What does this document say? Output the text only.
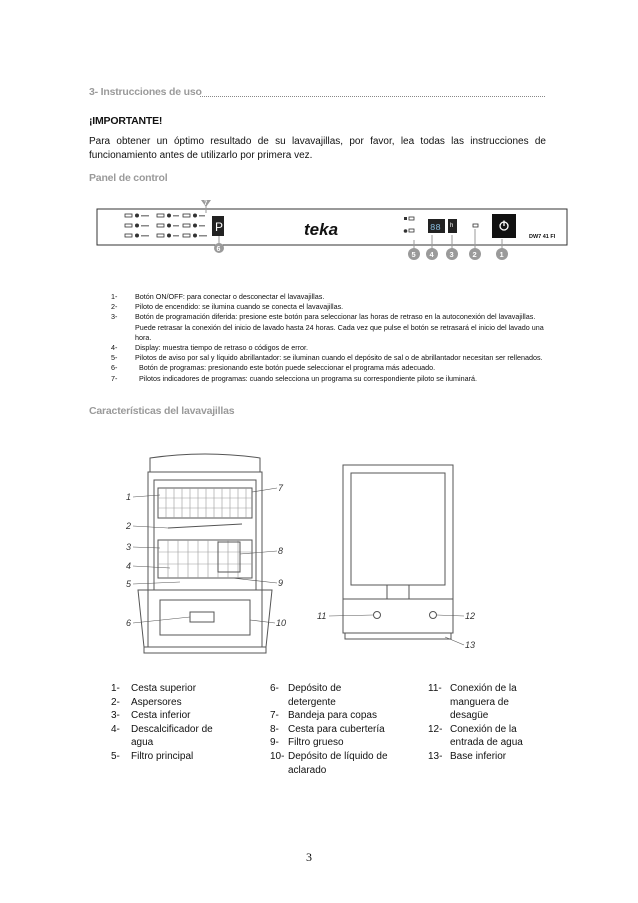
3- Instrucciones de uso
¡IMPORTANTE!
Para obtener un óptimo resultado de su lavavajillas, por favor, lea todas las instrucciones de funcionamiento antes de utilizarlo por primera vez.
Panel de control
P
6
teka	88 h
DW7 41 FI
5 4 3	2	1
7
1-	Botón ON/OFF: para conectar o desconectar el lavavajillas.
2-	Piloto de encendido: se ilumina cuando se conecta el lavavajillas.
3-	Botón de programación diferida: presione este botón para seleccionar las horas de retraso en la autoconexión del lavavajillas. Puede retrasar la conexión del inicio de lavado hasta 24 horas. Cada vez que pulse el botón se retrasará el inicio del lavado una hora.
4-	Display: muestra tiempo de retraso o códigos de error.
5-	Pilotos de aviso por sal y líquido abrillantador: se iluminan cuando el depósito de sal o de abrillantador necesitan ser rellenados.
6-	Botón de programas: presionando este botón puede seleccionar el programa más adecuado.
7-	Pilotos indicadores de programas: cuando selecciona un programa su correspondiente piloto se iluminará.
Características del lavavajillas
1
2
3
4
5
6
7
8
9
10
11	12
13
1-	Cesta superior
2-	Aspersores
3-	Cesta inferior
4-	Descalcificador de agua
5-	Filtro principal
6- Depósito de detergente
7- Bandeja para copas
8- Cesta para cubertería
9- Filtro grueso
10- Depósito de líquido de aclarado
11- Conexión de la manguera de desagüe
12- Conexión de la entrada de agua
13- Base inferior
3
